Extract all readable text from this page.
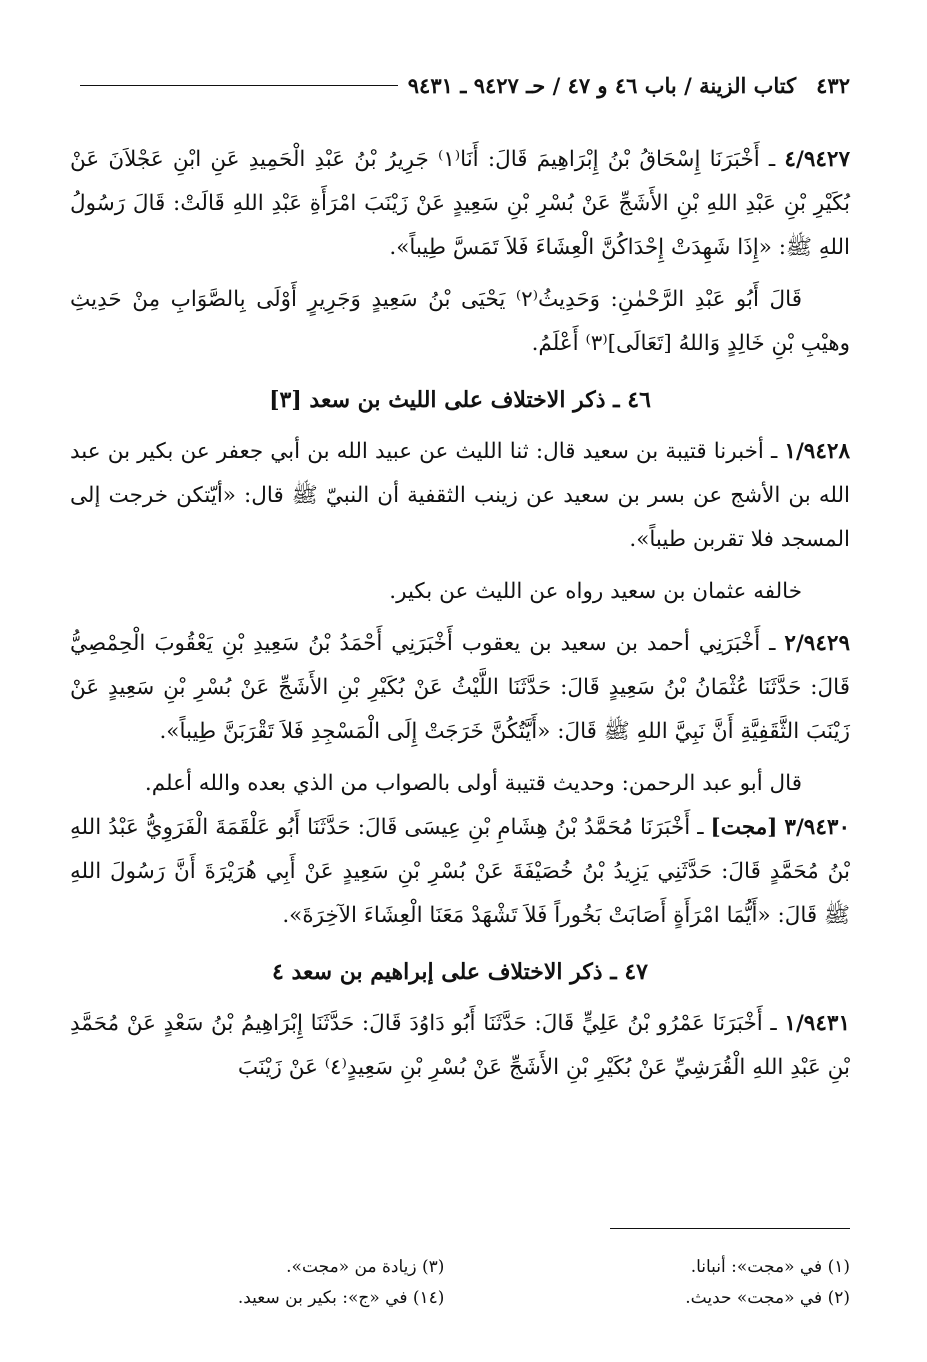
٤٣٢
كتاب الزينة / باب ٤٦ و ٤٧ / حـ ٩٤٢٧ ـ ٩٤٣١

٤/٩٤٢٧ ـ أَخْبَرَنَا إِسْحَاقُ بْنُ إِبْرَاهِيمَ قَالَ: أَنَا⁽١⁾ جَرِيرُ بْنُ عَبْدِ الْحَمِيدِ عَنِ ابْنِ عَجْلاَنَ عَنْ بُكَيْرِ بْنِ عَبْدِ اللهِ بْنِ الأَشَجِّ عَنْ بُسْرِ بْنِ سَعِيدٍ عَنْ زَيْنَبَ امْرَأَةِ عَبْدِ اللهِ قَالَتْ: قَالَ رَسُولُ اللهِ ﷺ: «إِذَا شَهِدَتْ إِحْدَاكُنَّ الْعِشَاءَ فَلاَ تَمَسَّ طِيباً».

قَالَ أَبُو عَبْدِ الرَّحْمٰنِ: وَحَدِيثُ⁽٢⁾ يَحْيَى بْنُ سَعِيدٍ وَجَرِيرٍ أَوْلَى بِالصَّوَابِ مِنْ حَدِيثِ وهيْبِ بْنِ خَالِدٍ وَاللهُ [تَعَالَى]⁽٣⁾ أَعْلَمُ.

٤٦ ـ ذكر الاختلاف على الليث بن سعد [٣]

١/٩٤٢٨ ـ أخبرنا قتيبة بن سعيد قال: ثنا الليث عن عبيد الله بن أبي جعفر عن بكير بن عبد الله بن الأشج عن بسر بن سعيد عن زينب الثقفية أن النبيّ ﷺ قال: «أيّتكن خرجت إلى المسجد فلا تقربن طيباً».

خالفه عثمان بن سعيد رواه عن الليث عن بكير.

٢/٩٤٢٩ ـ أَخْبَرَنِي أحمد بن سعيد بن يعقوب أَخْبَرَنِي أَحْمَدُ بْنُ سَعِيدِ بْنِ يَعْقُوبَ الْحِمْصِيُّ قَالَ: حَدَّثَنَا عُثْمَانُ بْنُ سَعِيدٍ قَالَ: حَدَّثَنَا اللَّيْثُ عَنْ بُكَيْرِ بْنِ الأَشَجِّ عَنْ بُسْرِ بْنِ سَعِيدٍ عَنْ زَيْنَبَ الثَّقَفِيَّةِ أَنَّ نَبِيَّ اللهِ ﷺ قَالَ: «أَيَّتُكُنَّ خَرَجَتْ إِلَى الْمَسْجِدِ فَلاَ تَقْرَبَنَّ طِيباً».

قال أبو عبد الرحمن: وحديث قتيبة أولى بالصواب من الذي بعده والله أعلم.

٣/٩٤٣٠ [مجت] ـ أَخْبَرَنَا مُحَمَّدُ بْنُ هِشَامِ بْنِ عِيسَى قَالَ: حَدَّثَنَا أَبُو عَلْقَمَةَ الْفَرَوِيُّ عَبْدُ اللهِ بْنُ مُحَمَّدٍ قَالَ: حَدَّثَنِي يَزِيدُ بْنُ خُصَيْفَةَ عَنْ بُسْرِ بْنِ سَعِيدٍ عَنْ أَبِي هُرَيْرَةَ أَنَّ رَسُولَ اللهِ ﷺ قَالَ: «أَيُّمَا امْرَأَةٍ أَصَابَتْ بَخُوراً فَلاَ تَشْهَدْ مَعَنَا الْعِشَاءَ الآخِرَةَ».

٤٧ ـ ذكر الاختلاف على إبراهيم بن سعد ٤

١/٩٤٣١ ـ أَخْبَرَنَا عَمْرُو بْنُ عَلِيٍّ قَالَ: حَدَّثَنَا أَبُو دَاوُدَ قَالَ: حَدَّثَنَا إِبْرَاهِيمُ بْنُ سَعْدٍ عَنْ مُحَمَّدِ بْنِ عَبْدِ اللهِ الْقُرَشِيِّ عَنْ بُكَيْرِ بْنِ الأَشَجِّ عَنْ بُسْرِ بْنِ سَعِيدٍ⁽٤⁾ عَنْ زَيْنَبَ

(١) في «مجت»: أنبانا.
(٣) زيادة من «مجت».
(٢) في «مجت» حديث.
(١٤) في «ج»: بكير بن سعيد.
